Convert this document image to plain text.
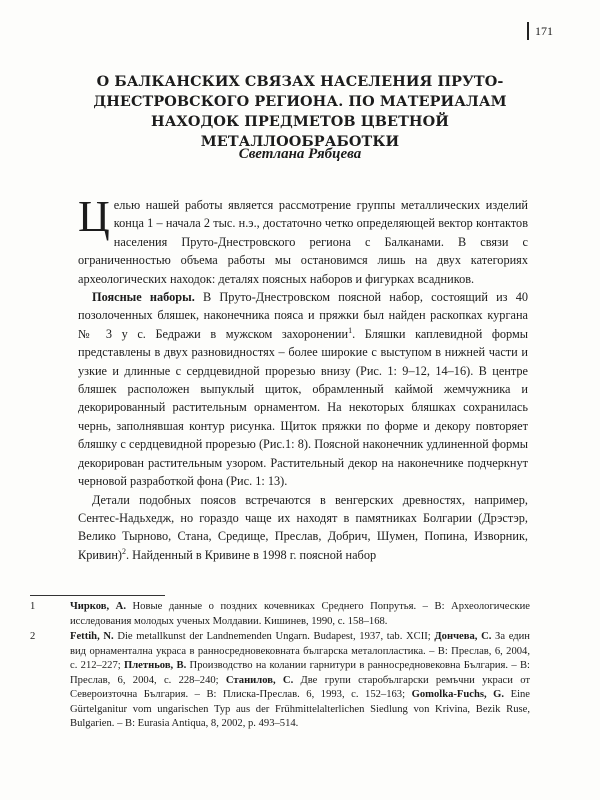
171
О БАЛКАНСКИХ СВЯЗАХ НАСЕЛЕНИЯ ПРУТО-ДНЕСТРОВСКОГО РЕГИОНА. ПО МАТЕРИАЛАМ НАХОДОК ПРЕДМЕТОВ ЦВЕТНОЙ МЕТАЛЛООБРАБОТКИ
Светлана Рябцева

Целью нашей работы является рассмотрение группы металлических изделий конца 1 – начала 2 тыс. н.э., достаточно четко определяющей вектор контактов населения Пруто-Днестровского региона с Балканами. В связи с ограниченностью объема работы мы остановимся лишь на двух категориях археологических находок: деталях поясных наборов и фигурках всадников.

Поясные наборы. В Пруто-Днестровском поясной набор, состоящий из 40 позолоченных бляшек, наконечника пояса и пряжки был найден раскопках кургана № 3 у с. Бедражи в мужском захоронении$^1$. Бляшки каплевидной формы представлены в двух разновидностях – более широкие с выступом в нижней части и узкие и длинные с сердцевидной прорезью внизу (Рис. 1: 9–12, 14–16). В центре бляшек расположен выпуклый щиток, обрамленный каймой жемчужника и декорированный растительным орнаментом. На некоторых бляшках сохранилась чернь, заполнявшая контур рисунка. Щиток пряжки по форме и декору повторяет бляшку с сердцевидной прорезью (Рис.1: 8). Поясной наконечник удлиненной формы декорирован растительным узором. Растительный декор на наконечнике подчеркнут черновой разработкой фона (Рис. 1: 13).

Детали подобных поясов встречаются в венгерских древностях, например, Сентес-Надьхедж, но гораздо чаще их находят в памятниках Болгарии (Дрэстэр, Велико Тырново, Стана, Средище, Преслав, Добрич, Шумен, Попина, Изворник, Кривин)$^2$. Найденный в Кривине в 1998 г. поясной набор

1	Чирков, А. Новые данные о поздних кочевниках Среднего Попрутья. – В: Археологические исследования молодых ученых Молдавии. Кишинев, 1990, с. 158–168.
2	Fettih, N. Die metallkunst der Landnemenden Ungarn. Budapest, 1937, tab. XCII; Дончева, С. За един вид орнаментална украса в ранносредновековната българска металопластика. – В: Преслав, 6, 2004, с. 212–227; Плетньов, В. Производство на колании гарнитури в ранносредновековна България. – В: Преслав, 6, 2004, с. 228–240; Станилов, С. Две групи старобългарски ремъчни украси от Североизточна България. – В: Плиска-Преслав. 6, 1993, с. 152–163; Gomolka-Fuchs, G. Eine Gürtelganitur vom ungarischen Typ aus der Frühmittelalterlichen Siedlung von Krivina, Bezik Ruse, Bulgarien. – B: Eurasia Antiqua, 8, 2002, р. 493–514.
